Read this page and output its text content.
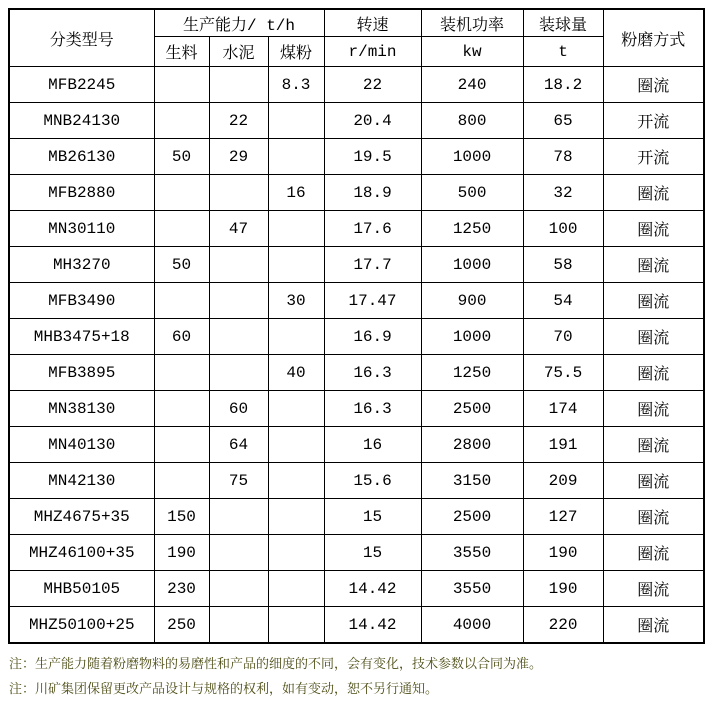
分类型号	生产能力/ t/h			转速	装机功率	装球量	粉磨方式
	生料	水泥	煤粉	r/min	kw	t	
MFB2245			8.3	22	240	18.2	圈流
MNB24130		22		20.4	800	65	开流
MB26130	50	29		19.5	1000	78	开流
MFB2880			16	18.9	500	32	圈流
MN30110		47		17.6	1250	100	圈流
MH3270	50			17.7	1000	58	圈流
MFB3490			30	17.47	900	54	圈流
MHB3475+18	60			16.9	1000	70	圈流
MFB3895			40	16.3	1250	75.5	圈流
MN38130		60		16.3	2500	174	圈流
MN40130		64		16	2800	191	圈流
MN42130		75		15.6	3150	209	圈流
MHZ4675+35	150			15	2500	127	圈流
MHZ46100+35	190			15	3550	190	圈流
MHB50105	230			14.42	3550	190	圈流
MHZ50100+25	250			14.42	4000	220	圈流

注：生产能力随着粉磨物料的易磨性和产品的细度的不同，会有变化，技术参数以合同为准。

注：川矿集团保留更改产品设计与规格的权利，如有变动，恕不另行通知。
